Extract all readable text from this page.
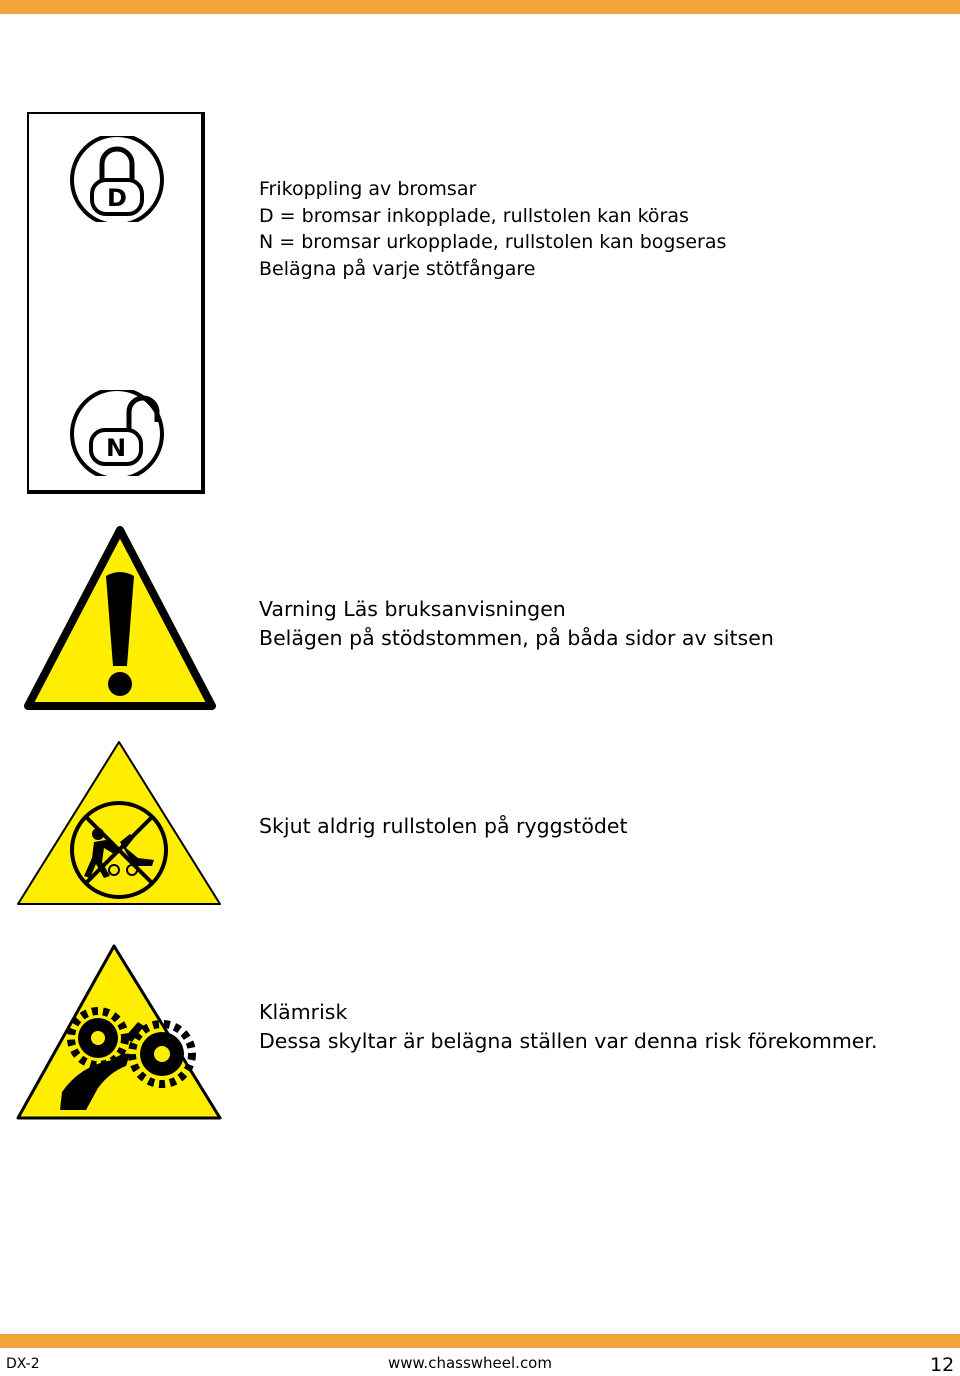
D
N
Frikoppling av bromsar
D = bromsar inkopplade, rullstolen kan köras
N = bromsar urkopplade, rullstolen kan bogseras
Belägna på varje stötfångare
Varning Läs bruksanvisningen
Belägen på stödstommen, på båda sidor av sitsen
Skjut aldrig rullstolen på ryggstödet
Klämrisk
Dessa skyltar är belägna ställen var denna risk förekommer.
DX-2	www.chasswheel.com	12
